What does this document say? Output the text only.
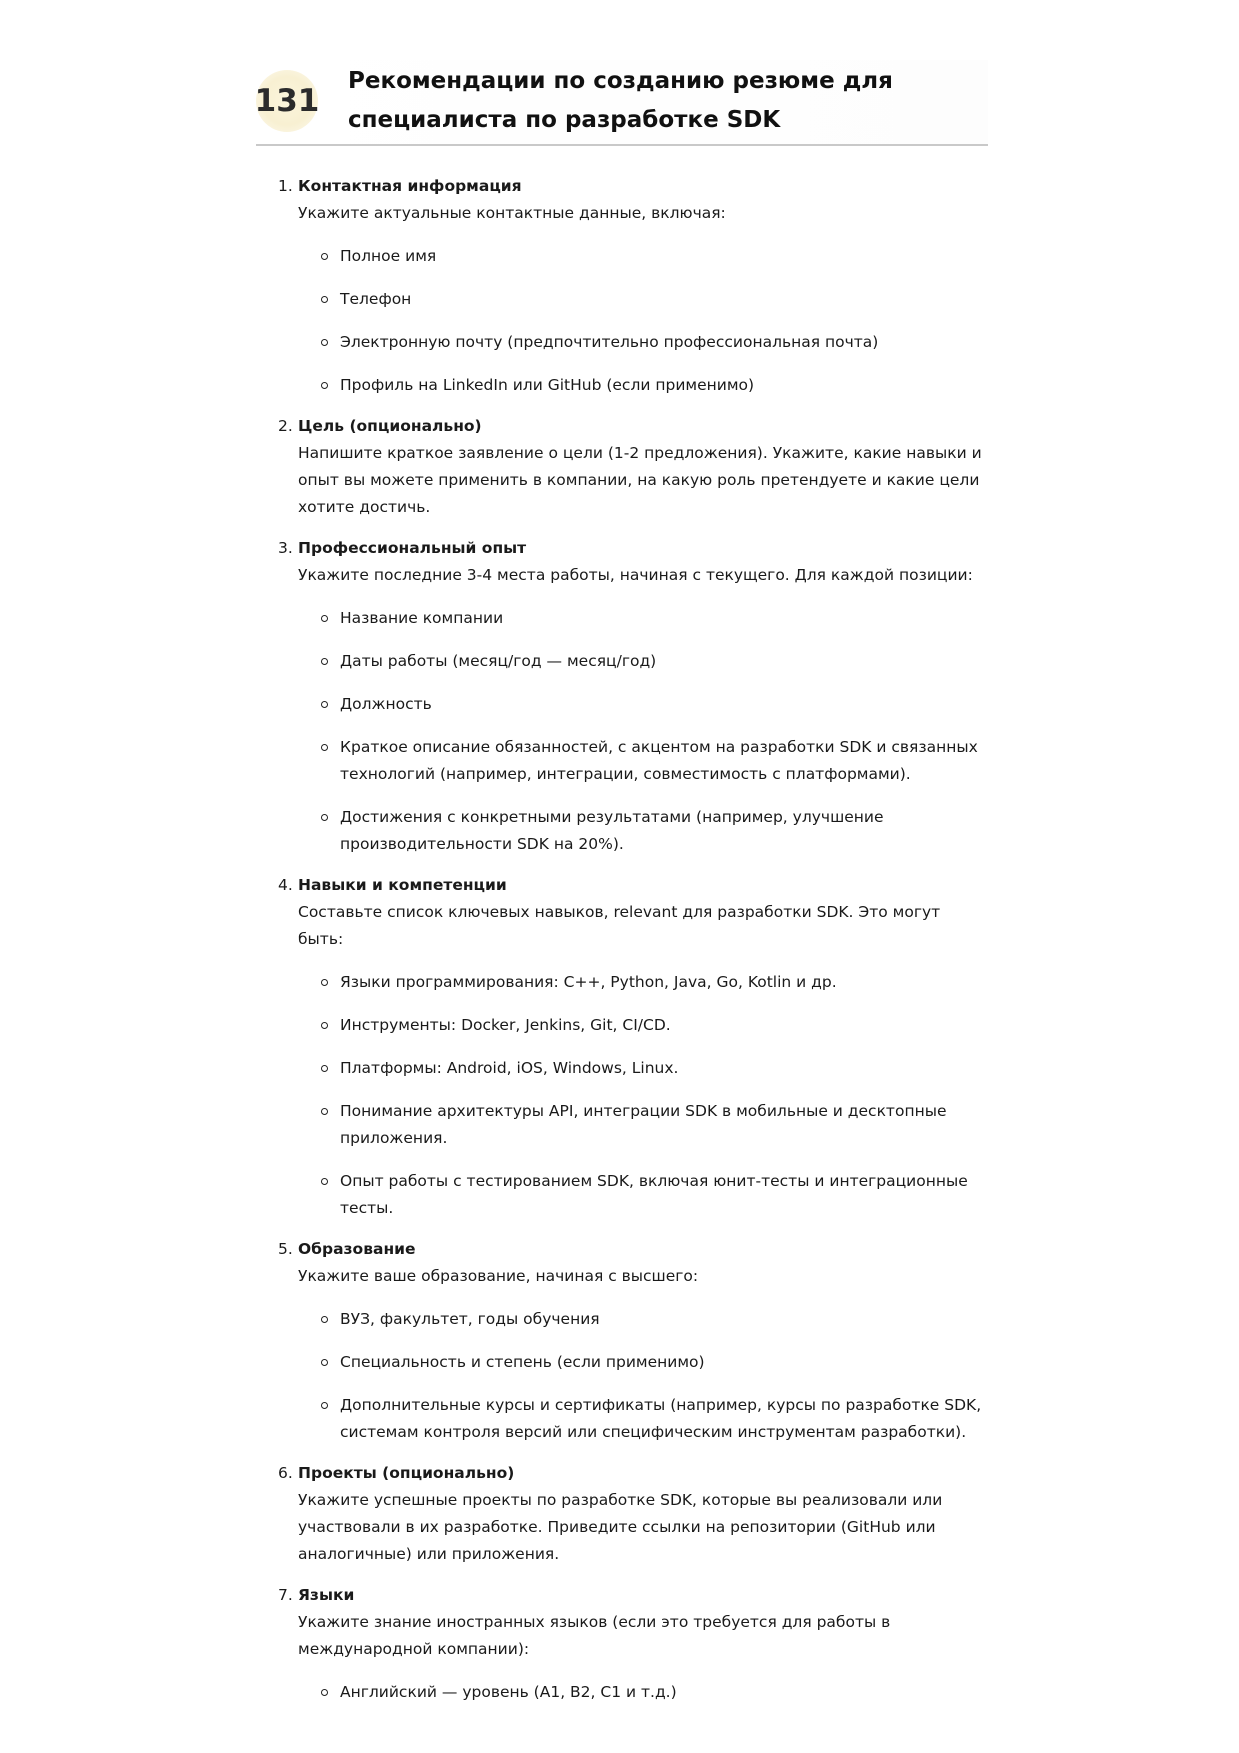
131
Рекомендации по созданию резюме для специалиста по разработке SDK
1. Контактная информация
Укажите актуальные контактные данные, включая:
Полное имя
Телефон
Электронную почту (предпочтительно профессиональная почта)
Профиль на LinkedIn или GitHub (если применимо)
2. Цель (опционально)
Напишите краткое заявление о цели (1-2 предложения). Укажите, какие навыки и опыт вы можете применить в компании, на какую роль претендуете и какие цели хотите достичь.
3. Профессиональный опыт
Укажите последние 3-4 места работы, начиная с текущего. Для каждой позиции:
Название компании
Даты работы (месяц/год — месяц/год)
Должность
Краткое описание обязанностей, с акцентом на разработки SDK и связанных технологий (например, интеграции, совместимость с платформами).
Достижения с конкретными результатами (например, улучшение производительности SDK на 20%).
4. Навыки и компетенции
Составьте список ключевых навыков, relevant для разработки SDK. Это могут быть:
Языки программирования: C++, Python, Java, Go, Kotlin и др.
Инструменты: Docker, Jenkins, Git, CI/CD.
Платформы: Android, iOS, Windows, Linux.
Понимание архитектуры API, интеграции SDK в мобильные и десктопные приложения.
Опыт работы с тестированием SDK, включая юнит-тесты и интеграционные тесты.
5. Образование
Укажите ваше образование, начиная с высшего:
ВУЗ, факультет, годы обучения
Специальность и степень (если применимо)
Дополнительные курсы и сертификаты (например, курсы по разработке SDK, системам контроля версий или специфическим инструментам разработки).
6. Проекты (опционально)
Укажите успешные проекты по разработке SDK, которые вы реализовали или участвовали в их разработке. Приведите ссылки на репозитории (GitHub или аналогичные) или приложения.
7. Языки
Укажите знание иностранных языков (если это требуется для работы в международной компании):
Английский — уровень (A1, B2, C1 и т.д.)
